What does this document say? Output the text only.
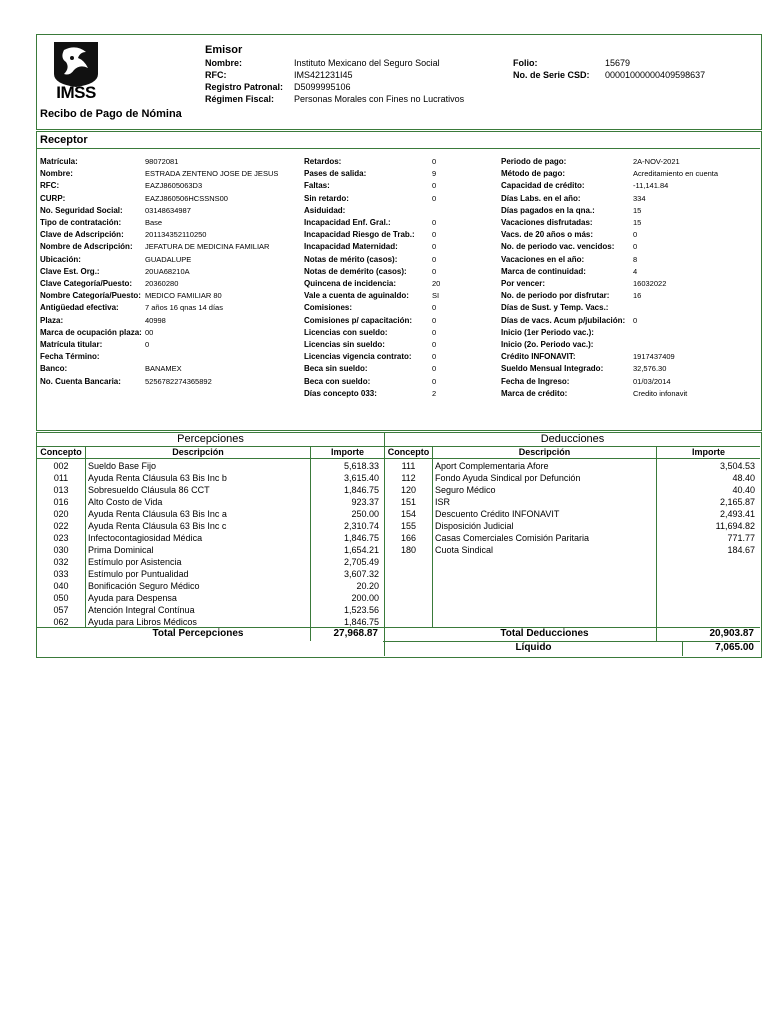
IMSS
Recibo de Pago de Nómina
Emisor
Nombre:	Instituto Mexicano del Seguro Social
RFC:	IMS421231I45
Registro Patronal: D5099995106
Régimen Fiscal: Personas Morales con Fines no Lucrativos
Folio:	15679
No. de Serie CSD: 00001000000409598637
Receptor
Matrícula:	98072081
Nombre:	ESTRADA ZENTENO JOSE DE JESUS
RFC:	EAZJ8605063D3
CURP:	EAZJ860506HCSSNS00
No. Seguridad Social:	03148634987
Tipo de contratación:	Base
Clave de Adscripción:	201134352110250
Nombre de Adscripción: JEFATURA DE MEDICINA FAMILIAR
Ubicación:	GUADALUPE
Clave Est. Org.:	20UA68210A
Clave Categoría/Puesto: 20360280
Nombre Categoría/Puesto: MEDICO FAMILIAR 80
Antigüedad efectiva:	7 años 16 qnas 14 días
Plaza:	40998
Marca de ocupación plaza: 00
Matrícula titular:	0
Fecha Término:
Banco:	BANAMEX
No. Cuenta Bancaria:	5256782274365892
Retardos:	0
Pases de salida:	9
Faltas:	0
Sin retardo:	0
Asiduidad:
Incapacidad Enf. Gral.:	0
Incapacidad Riesgo de Trab.: 0
Incapacidad Maternidad:	0
Notas de mérito (casos):	0
Notas de demérito (casos):	0
Quincena de incidencia:	20
Vale a cuenta de aguinaldo:	SI
Comisiones:	0
Comisiones p/ capacitación:	0
Licencias con sueldo:	0
Licencias sin sueldo:	0
Licencias vigencia contrato:	0
Beca sin sueldo:	0
Beca con sueldo:	0
Días concepto 033:	2
Periodo de pago:	2A-NOV-2021
Método de pago:	Acreditamiento en cuenta
Capacidad de crédito:	-11,141.84
Días Labs. en el año:	334
Días pagados en la qna.:	15
Vacaciones disfrutadas:	15
Vacs. de 20 años o más:	0
No. de periodo vac. vencidos: 0
Vacaciones en el año:	8
Marca de continuidad:	4
Por vencer:	16032022
No. de periodo por disfrutar:	16
Días de Sust. y Temp. Vacs.:
Días de vacs. Acum p/jubilación: 0
Inicio (1er Periodo vac.):
Inicio (2o. Periodo vac.):
Crédito INFONAVIT:	1917437409
Sueldo Mensual Integrado:	32,576.30
Fecha de Ingreso:	01/03/2014
Marca de crédito:	Credito infonavit
Percepciones	Deducciones
Concepto	Descripción	Importe	Concepto	Descripción	Importe
002	Sueldo Base Fijo	5,618.33
011	Ayuda Renta Cláusula 63 Bis Inc b	3,615.40
013	Sobresueldo Cláusula 86 CCT	1,846.75
016	Alto Costo de Vida	923.37
020	Ayuda Renta Cláusula 63 Bis Inc a	250.00
022	Ayuda Renta Cláusula 63 Bis Inc c	2,310.74
023	Infectocontagiosidad Médica	1,846.75
030	Prima Dominical	1,654.21
032	Estímulo por Asistencia	2,705.49
033	Estímulo por Puntualidad	3,607.32
040	Bonificación Seguro Médico	20.20
050	Ayuda para Despensa	200.00
057	Atención Integral Contínua	1,523.56
062	Ayuda para Libros Médicos	1,846.75
111	Aport Complementaria Afore	3,504.53
112	Fondo Ayuda Sindical por Defunción	48.40
120	Seguro Médico	40.40
151	ISR	2,165.87
154	Descuento Crédito INFONAVIT	2,493.41
155	Disposición Judicial	11,694.82
166	Casas Comerciales Comisión Paritaria	771.77
180	Cuota Sindical	184.67
Total Percepciones	27,968.87	Total Deducciones	20,903.87
Líquido	7,065.00
